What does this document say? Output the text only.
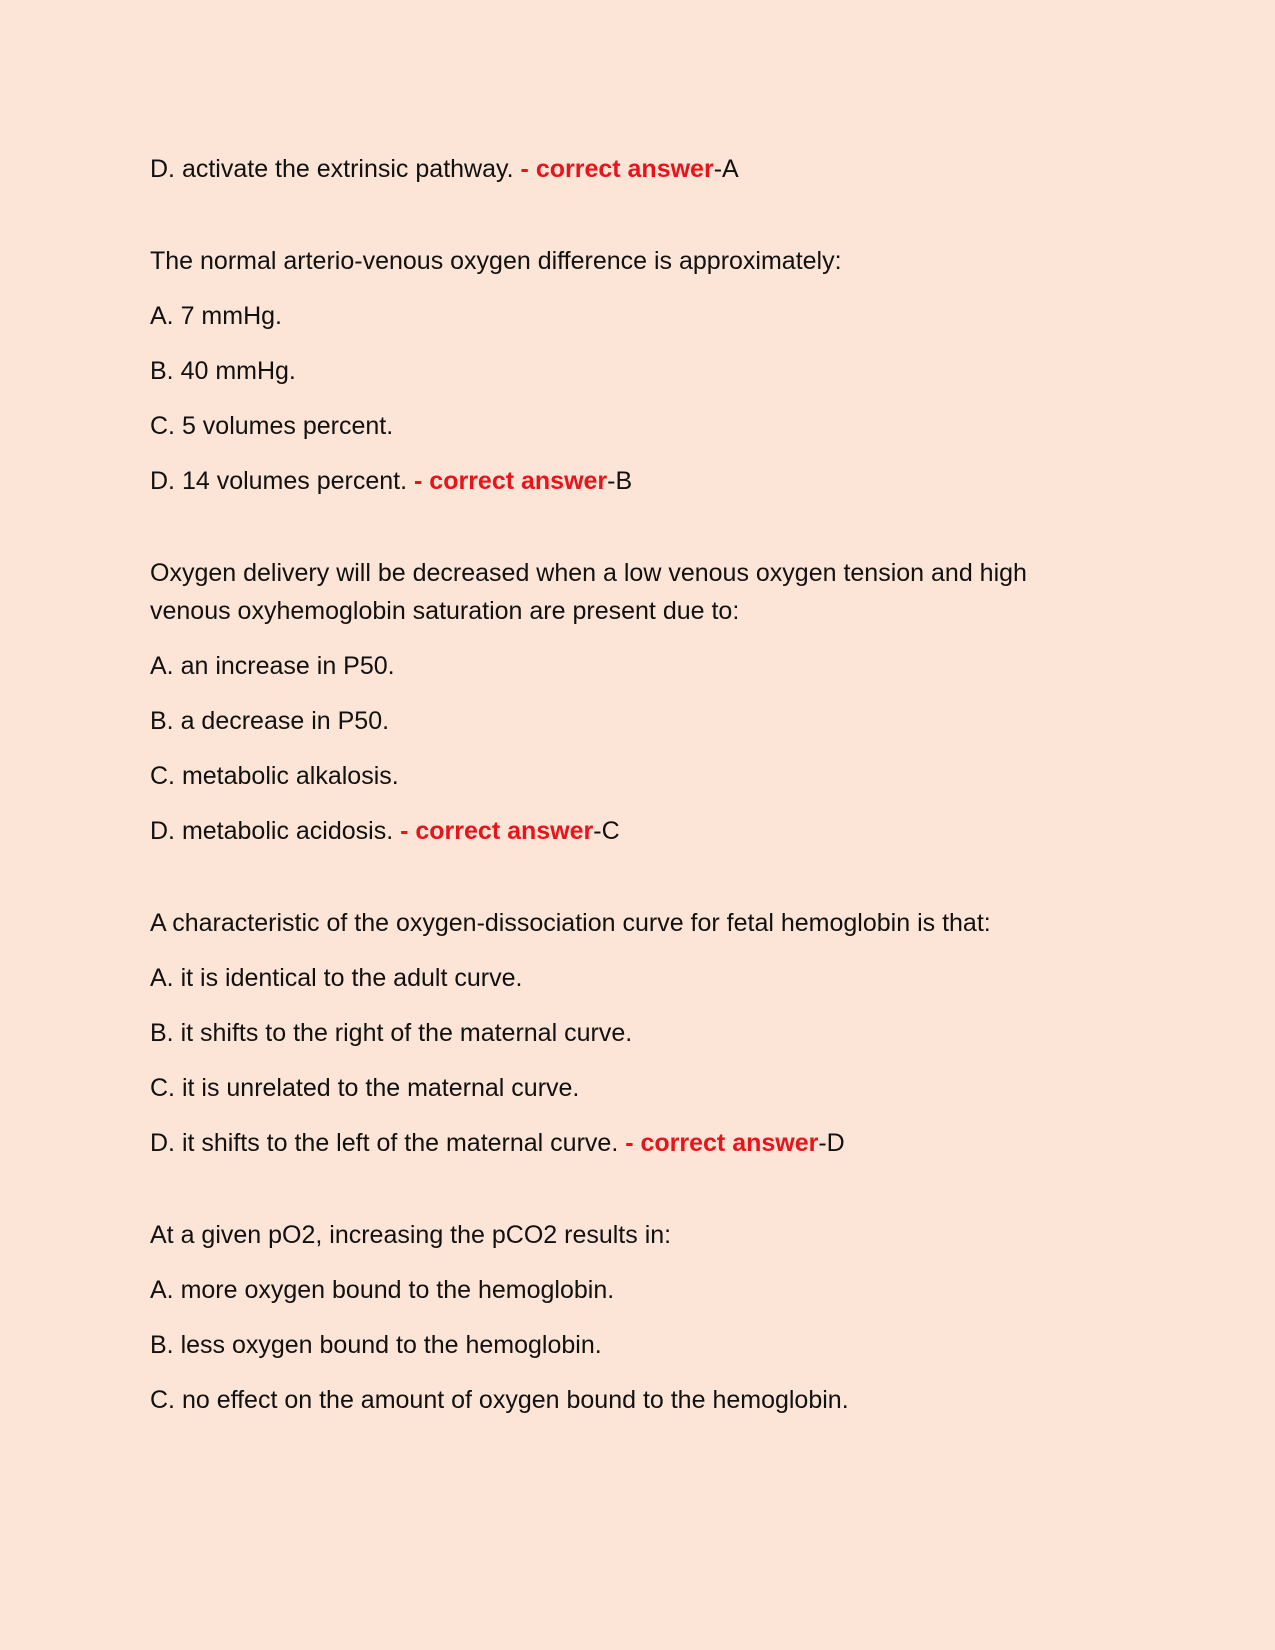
D. activate the extrinsic pathway. - correct answer-A

The normal arterio-venous oxygen difference is approximately:

A. 7 mmHg.

B. 40 mmHg.

C. 5 volumes percent.

D. 14 volumes percent. - correct answer-B

Oxygen delivery will be decreased when a low venous oxygen tension and high

venous oxyhemoglobin saturation are present due to:

A. an increase in P50.

B. a decrease in P50.

C. metabolic alkalosis.

D. metabolic acidosis. - correct answer-C

A characteristic of the oxygen-dissociation curve for fetal hemoglobin is that:

A. it is identical to the adult curve.

B. it shifts to the right of the maternal curve.

C. it is unrelated to the maternal curve.

D. it shifts to the left of the maternal curve. - correct answer-D

At a given pO2, increasing the pCO2 results in:

A. more oxygen bound to the hemoglobin.

B. less oxygen bound to the hemoglobin.

C. no effect on the amount of oxygen bound to the hemoglobin.
